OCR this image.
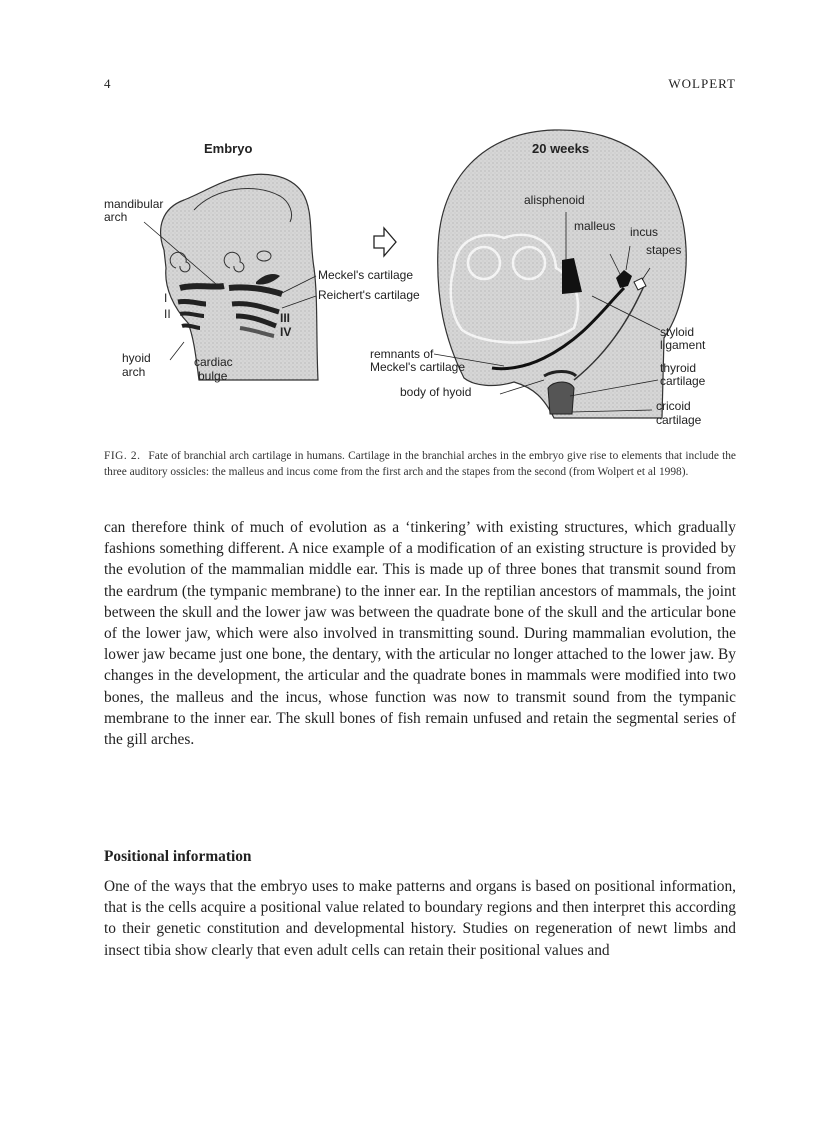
4	WOLPERT
Embryo
mandibular
arch
I
II	III
IV
hyoid
arch
cardiac
bulge
Meckel's cartilage
Reichert's cartilage
20 weeks
alisphenoid
malleus incus
stapes
styloid
ligament
remnants of
Meckel's cartilage	thyroid
cartilage
body of hyoid
cricoid
cartilage
FIG. 2. Fate of branchial arch cartilage in humans. Cartilage in the branchial arches in the embryo give rise to elements that include the three auditory ossicles: the malleus and incus come from the first arch and the stapes from the second (from Wolpert et al 1998).

can therefore think of much of evolution as a ‘tinkering’ with existing structures, which gradually fashions something different. A nice example of a modification of an existing structure is provided by the evolution of the mammalian middle ear. This is made up of three bones that transmit sound from the eardrum (the tympanic membrane) to the inner ear. In the reptilian ancestors of mammals, the joint between the skull and the lower jaw was between the quadrate bone of the skull and the articular bone of the lower jaw, which were also involved in transmitting sound. During mammalian evolution, the lower jaw became just one bone, the dentary, with the articular no longer attached to the lower jaw. By changes in the development, the articular and the quadrate bones in mammals were modified into two bones, the malleus and the incus, whose function was now to transmit sound from the tympanic membrane to the inner ear. The skull bones of fish remain unfused and retain the segmental series of the gill arches.

Positional information

One of the ways that the embryo uses to make patterns and organs is based on positional information, that is the cells acquire a positional value related to boundary regions and then interpret this according to their genetic constitution and developmental history. Studies on regeneration of newt limbs and insect tibia show clearly that even adult cells can retain their positional values and
